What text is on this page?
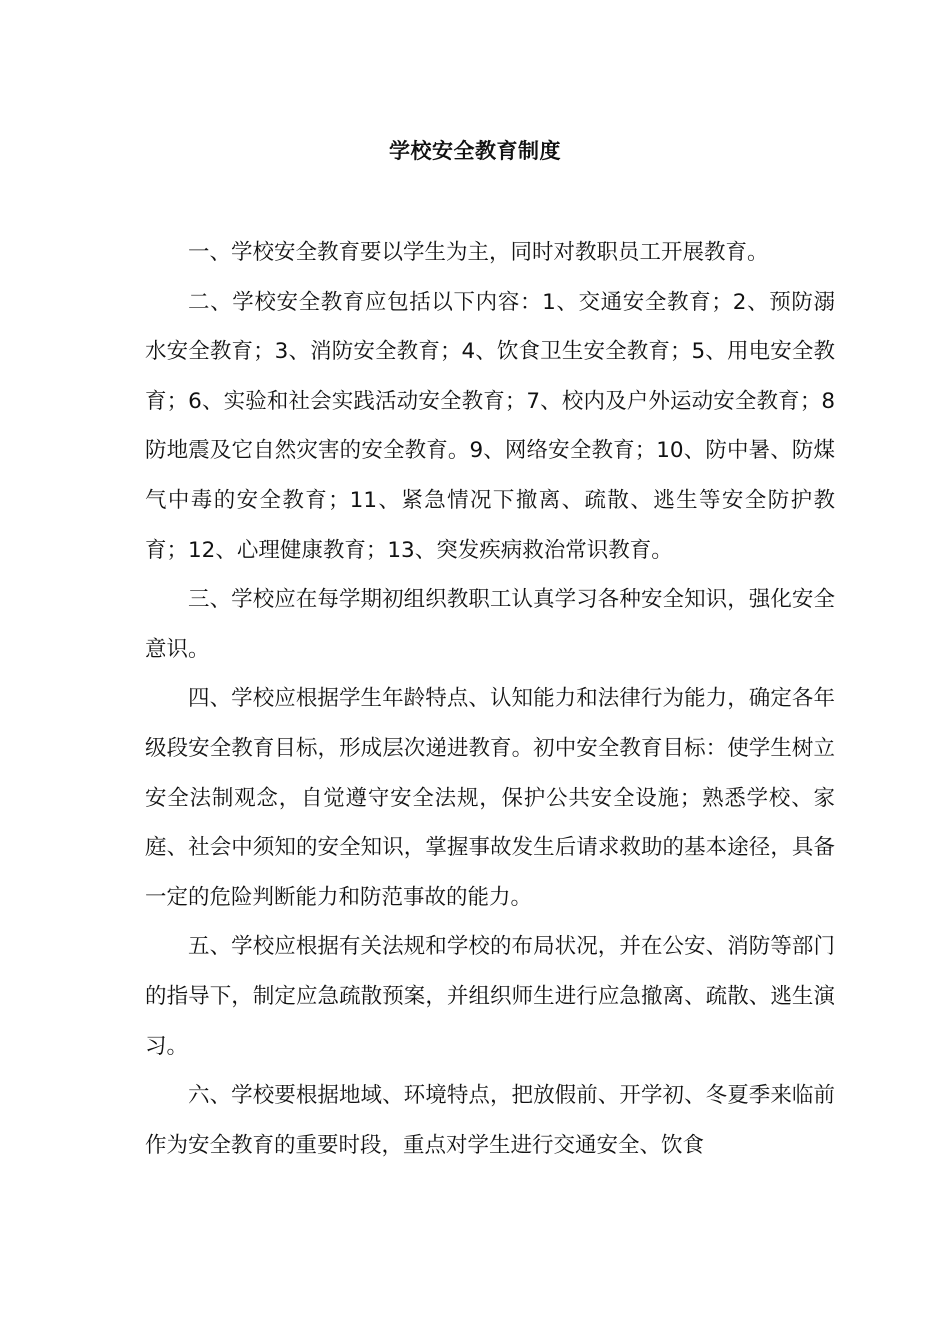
学校安全教育制度

一、学校安全教育要以学生为主，同时对教职员工开展教育。

二、学校安全教育应包括以下内容：1、交通安全教育；2、预防溺水安全教育；3、消防安全教育；4、饮食卫生安全教育；5、用电安全教育；6、实验和社会实践活动安全教育；7、校内及户外运动安全教育；8防地震及它自然灾害的安全教育。9、网络安全教育；10、防中暑、防煤气中毒的安全教育；11、紧急情况下撤离、疏散、逃生等安全防护教育；12、心理健康教育；13、突发疾病救治常识教育。

三、学校应在每学期初组织教职工认真学习各种安全知识，强化安全意识。

四、学校应根据学生年龄特点、认知能力和法律行为能力，确定各年级段安全教育目标，形成层次递进教育。初中安全教育目标：使学生树立安全法制观念，自觉遵守安全法规，保护公共安全设施；熟悉学校、家庭、社会中须知的安全知识，掌握事故发生后请求救助的基本途径，具备一定的危险判断能力和防范事故的能力。

五、学校应根据有关法规和学校的布局状况，并在公安、消防等部门的指导下，制定应急疏散预案，并组织师生进行应急撤离、疏散、逃生演习。

六、学校要根据地域、环境特点，把放假前、开学初、冬夏季来临前作为安全教育的重要时段，重点对学生进行交通安全、饮食
